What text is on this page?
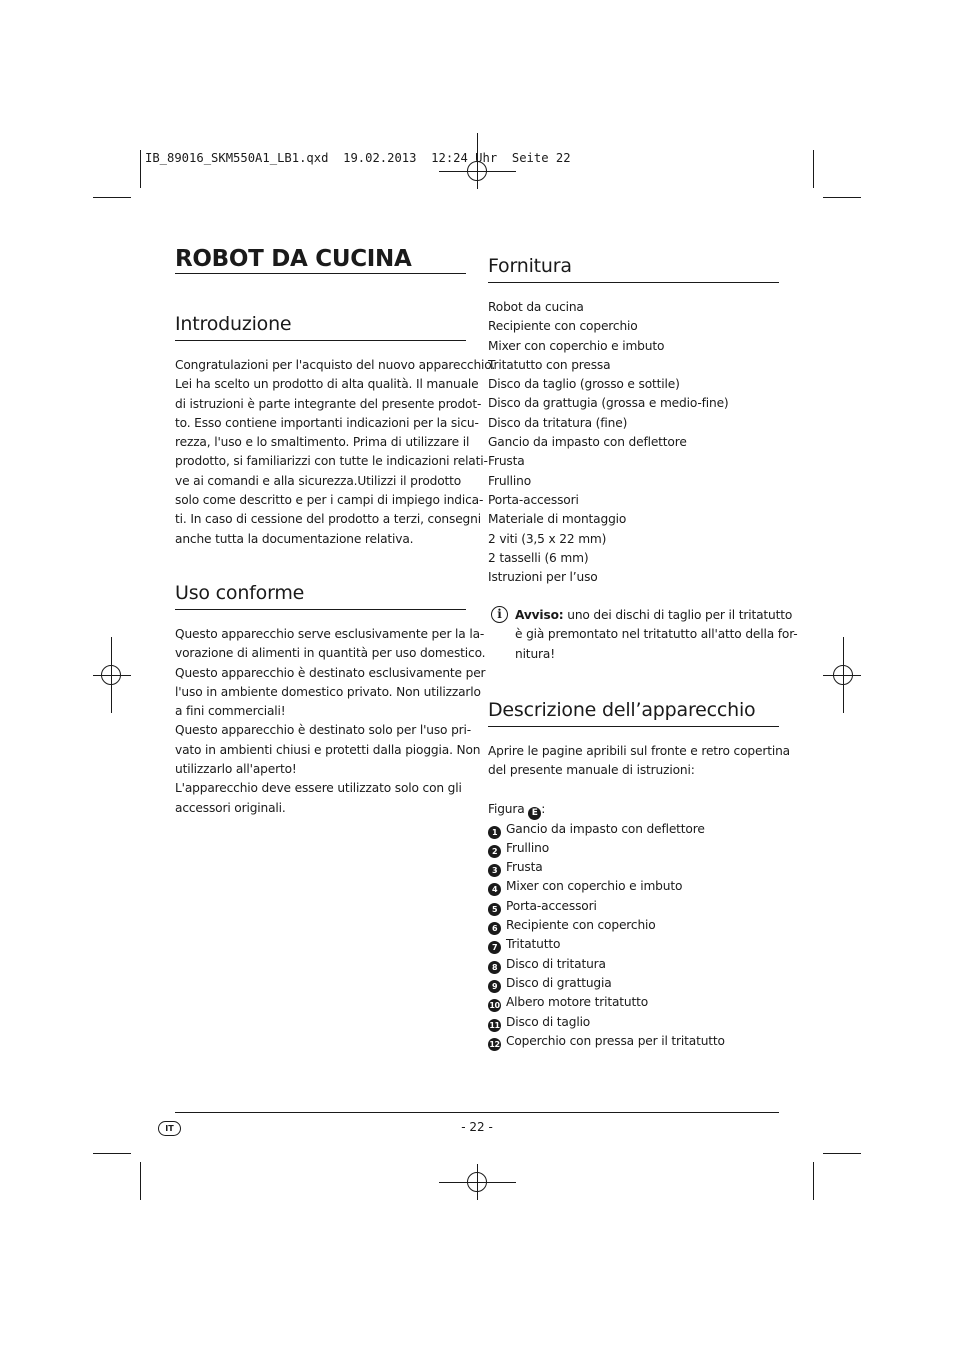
IB_89016_SKM550A1_LB1.qxd  19.02.2013  12:24 Uhr  Seite 22
ROBOT DA CUCINA
Introduzione
Congratulazioni per l'acquisto del nuovo apparecchio.
Lei ha scelto un prodotto di alta qualità. Il manuale
di istruzioni è parte integrante del presente prodot-
to. Esso contiene importanti indicazioni per la sicu-
rezza, l'uso e lo smaltimento. Prima di utilizzare il
prodotto, si familiarizzi con tutte le indicazioni relati-
ve ai comandi e alla sicurezza.Utilizzi il prodotto
solo come descritto e per i campi di impiego indica-
ti. In caso di cessione del prodotto a terzi, consegni
anche tutta la documentazione relativa.
Uso conforme
Questo apparecchio serve esclusivamente per la la-
vorazione di alimenti in quantità per uso domestico.
Questo apparecchio è destinato esclusivamente per
l'uso in ambiente domestico privato. Non utilizzarlo
a fini commerciali!
Questo apparecchio è destinato solo per l'uso pri-
vato in ambienti chiusi e protetti dalla pioggia. Non
utilizzarlo all'aperto!
L'apparecchio deve essere utilizzato solo con gli
accessori originali.
Fornitura
Robot da cucina
Recipiente con coperchio
Mixer con coperchio e imbuto
Tritatutto con pressa
Disco da taglio (grosso e sottile)
Disco da grattugia (grossa e medio-fine)
Disco da tritatura (fine)
Gancio da impasto con deflettore
Frusta
Frullino
Porta-accessori
Materiale di montaggio
2 viti (3,5 x 22 mm)
2 tasselli (6 mm)
Istruzioni per l’uso
i	Avviso: uno dei dischi di taglio per il tritatutto
è già premontato nel tritatutto all'atto della for-
nitura!
Descrizione dell’apparecchio
Aprire le pagine apribili sul fronte e retro copertina
del presente manuale di istruzioni:
Figura E :
1 Gancio da impasto con deflettore
2 Frullino
3 Frusta
4 Mixer con coperchio e imbuto
5 Porta-accessori
6 Recipiente con coperchio
7 Tritatutto
8 Disco di tritatura
9 Disco di grattugia
10 Albero motore tritatutto
11 Disco di taglio
12 Coperchio con pressa per il tritatutto
IT	- 22 -
